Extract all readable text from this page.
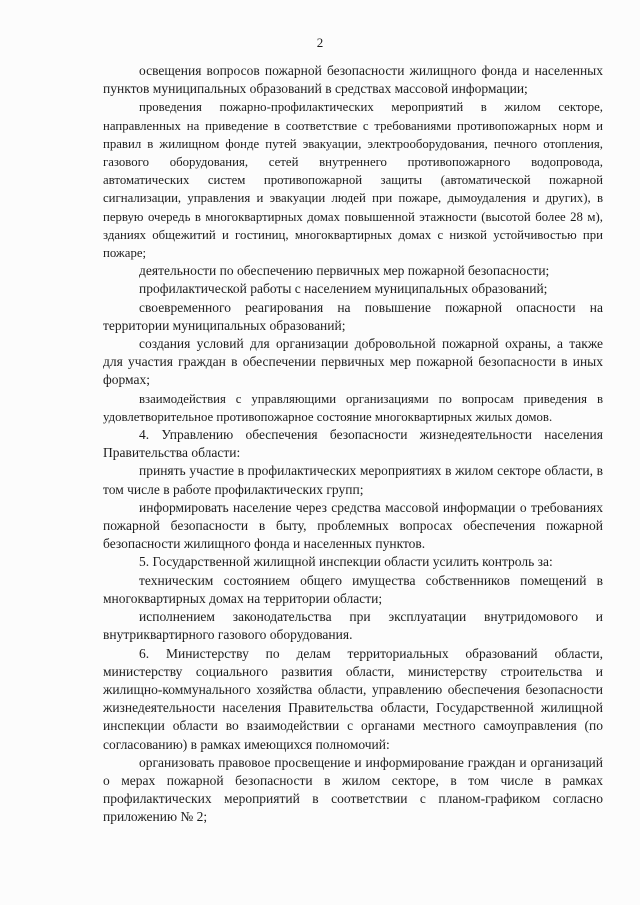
2

освещения вопросов пожарной безопасности жилищного фонда и населенных пунктов муниципальных образований в средствах массовой информации;

проведения пожарно-профилактических мероприятий в жилом секторе, направленных на приведение в соответствие с требованиями противопожарных норм и правил в жилищном фонде путей эвакуации, электрооборудования, печного отопления, газового оборудования, сетей внутреннего противопожарного водопровода, автоматических систем противопожарной защиты (автоматической пожарной сигнализации, управления и эвакуации людей при пожаре, дымоудаления и других), в первую очередь в многоквартирных домах повышенной этажности (высотой более 28 м), зданиях общежитий и гостиниц, многоквартирных домах с низкой устойчивостью при пожаре;

деятельности по обеспечению первичных мер пожарной безопасности;

профилактической работы с населением муниципальных образований;

своевременного реагирования на повышение пожарной опасности на территории муниципальных образований;

создания условий для организации добровольной пожарной охраны, а также для участия граждан в обеспечении первичных мер пожарной безопасности в иных формах;

взаимодействия с управляющими организациями по вопросам приведения в удовлетворительное противопожарное состояние многоквартирных жилых домов.

4. Управлению обеспечения безопасности жизнедеятельности населения Правительства области:

принять участие в профилактических мероприятиях в жилом секторе области, в том числе в работе профилактических групп;

информировать население через средства массовой информации о требованиях пожарной безопасности в быту, проблемных вопросах обеспечения пожарной безопасности жилищного фонда и населенных пунктов.

5. Государственной жилищной инспекции области усилить контроль за:

техническим состоянием общего имущества собственников помещений в многоквартирных домах на территории области;

исполнением законодательства при эксплуатации внутридомового и внутриквартирного газового оборудования.

6. Министерству по делам территориальных образований области, министерству социального развития области, министерству строительства и жилищно-коммунального хозяйства области, управлению обеспечения безопасности жизнедеятельности населения Правительства области, Государственной жилищной инспекции области во взаимодействии с органами местного самоуправления (по согласованию) в рамках имеющихся полномочий:

организовать правовое просвещение и информирование граждан и организаций о мерах пожарной безопасности в жилом секторе, в том числе в рамках профилактических мероприятий в соответствии с планом-графиком согласно приложению № 2;
